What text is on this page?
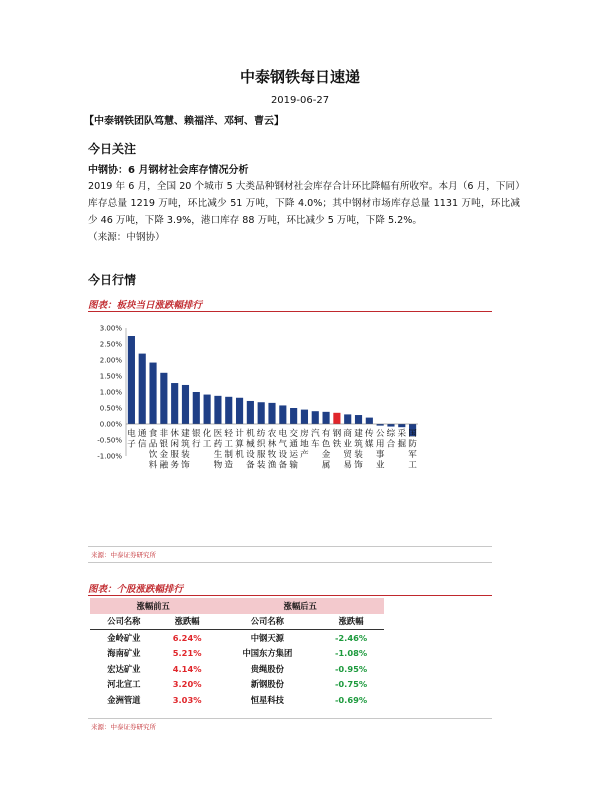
中泰钢铁每日速递
2019-06-27
【中泰钢铁团队笃慧、赖福洋、邓轲、曹云】
今日关注
中钢协：6 月钢材社会库存情况分析
2019 年 6 月，全国 20 个城市 5 大类品种钢材社会库存合计环比降幅有所收窄。本月（6 月，下同）库存总量 1219 万吨，环比减少 51 万吨，下降 4.0%；其中钢材市场库存总量 1131 万吨，环比减少 46 万吨，下降 3.9%，港口库存 88 万吨，环比减少 5 万吨，下降 5.2%。
（来源：中钢协）
今日行情
图表：板块当日涨跌幅排行
3.00%
2.50%
2.00%
1.50%
1.00%
0.50%
0.00%
-0.50%
-1.00%
电子
通信
食品饮料
非银金融
休闲服务
建筑装饰
银行
化工
医药生物
轻工制造
计算机
机械设备
纺织服装
农林牧渔
电气设备
交通运输
房地产
汽车
有色金属
钢铁
商业贸易
建筑装饰
传媒
公用事业
综合
采掘
国防军工
来源：中泰证券研究所
图表：个股涨跌幅排行
涨幅前五		涨幅后五	
公司名称	涨跌幅	公司名称	涨跌幅
金岭矿业	6.24%	中钢天源	-2.46%
海南矿业	5.21%	中国东方集团	-1.08%
宏达矿业	4.14%	贵绳股份	-0.95%
河北宣工	3.20%	新钢股份	-0.75%
金洲管道	3.03%	恒星科技	-0.69%
来源：中泰证券研究所
